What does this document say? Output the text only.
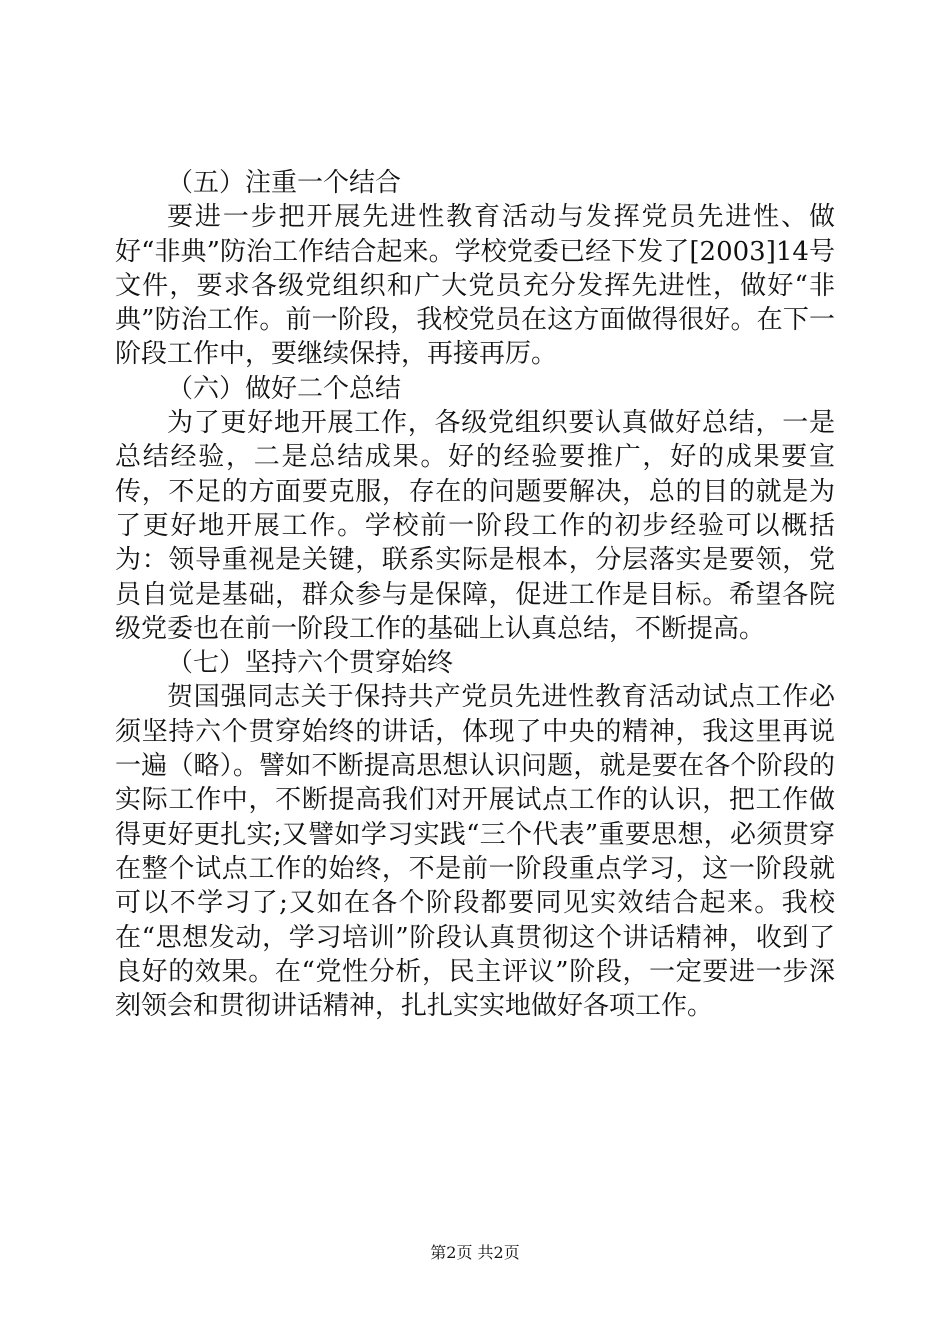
（五）注重一个结合

要进一步把开展先进性教育活动与发挥党员先进性、做好“非典”防治工作结合起来。学校党委已经下发了[2003]14号文件，要求各级党组织和广大党员充分发挥先进性，做好“非典”防治工作。前一阶段，我校党员在这方面做得很好。在下一阶段工作中，要继续保持，再接再厉。

（六）做好二个总结

为了更好地开展工作，各级党组织要认真做好总结，一是总结经验，二是总结成果。好的经验要推广，好的成果要宣传，不足的方面要克服，存在的问题要解决，总的目的就是为了更好地开展工作。学校前一阶段工作的初步经验可以概括为：领导重视是关键，联系实际是根本，分层落实是要领，党员自觉是基础，群众参与是保障，促进工作是目标。希望各院级党委也在前一阶段工作的基础上认真总结，不断提高。

（七）坚持六个贯穿始终

贺国强同志关于保持共产党员先进性教育活动试点工作必须坚持六个贯穿始终的讲话，体现了中央的精神，我这里再说一遍（略）。譬如不断提高思想认识问题，就是要在各个阶段的实际工作中，不断提高我们对开展试点工作的认识，把工作做得更好更扎实;又譬如学习实践“三个代表”重要思想，必须贯穿在整个试点工作的始终，不是前一阶段重点学习，这一阶段就可以不学习了;又如在各个阶段都要同见实效结合起来。我校在“思想发动，学习培训”阶段认真贯彻这个讲话精神，收到了良好的效果。在“党性分析，民主评议”阶段，一定要进一步深刻领会和贯彻讲话精神，扎扎实实地做好各项工作。

第2页 共2页
